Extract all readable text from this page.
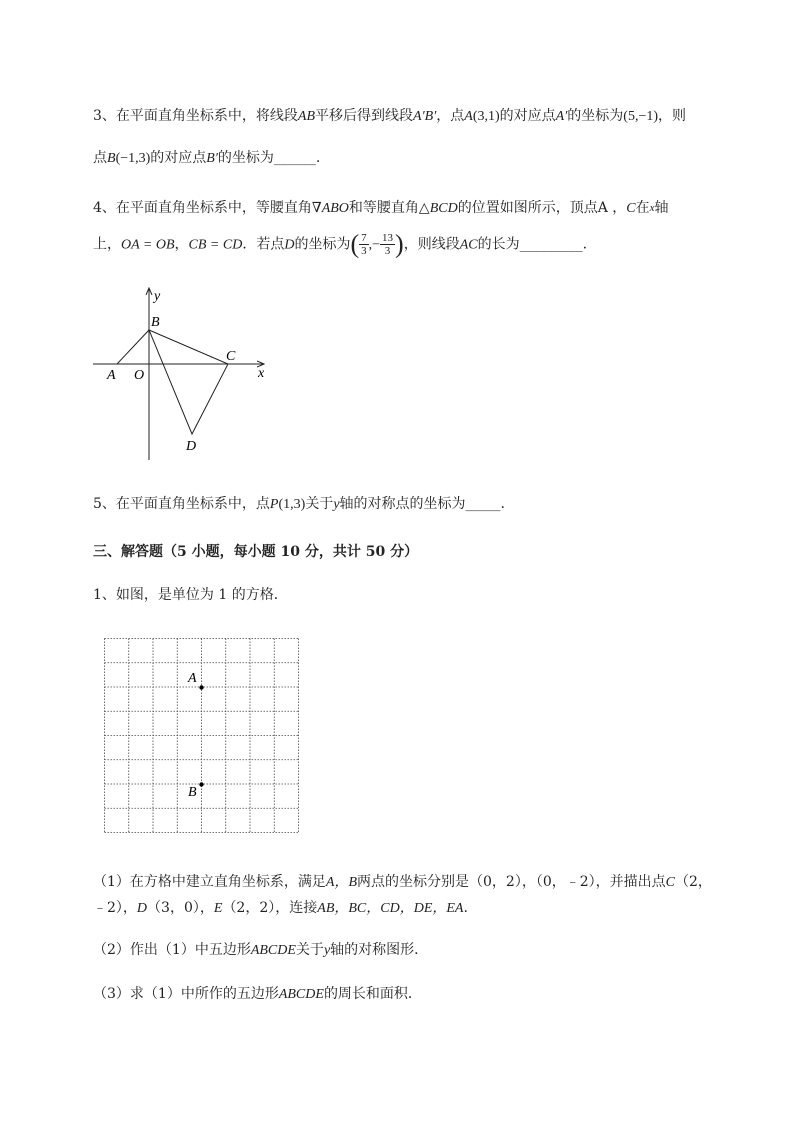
3、在平面直角坐标系中，将线段AB平移后得到线段A′B′，点A(3,1)的对应点A′的坐标为(5,−1)，则
点B(−1,3)的对应点B′的坐标为______.
4、在平面直角坐标系中，等腰直角∇ABO和等腰直角△BCD的位置如图所示，顶点A ，C在$^x$轴
上，OA = OB，CB = CD．若点D的坐标为( $\frac{7}{3}$ ,− $\frac{13}{3}$ )，则线段AC的长为_________.
y
x
B
C
A O
D
5、在平面直角坐标系中，点P(1,3)关于y轴的对称点的坐标为_____.
三、解答题（5 小题，每小题 10 分，共计 50 分）
1、如图，是单位为 1 的方格．
A
B
（1）在方格中建立直角坐标系，满足A，B两点的坐标分别是（0，2），（0，﹣2），并描出点C（2，
﹣2），D（3，0），E（2，2），连接AB，BC，CD，DE，EA.
（2）作出（1）中五边形ABCDE关于y轴的对称图形．
（3）求（1）中所作的五边形ABCDE的周长和面积．
